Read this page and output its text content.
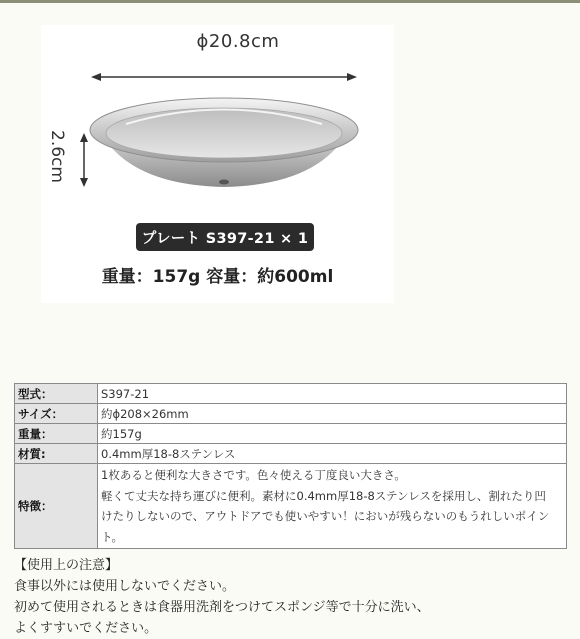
ϕ20.8cm
2.6cm
プレート S397-21 × 1
重量：157g 容量：約600ml
型式：	S397-21
サイズ：	約ϕ208×26mm
重量：	約157g
材質:	0.4mm厚18-8ステンレス
特徴：	1枚あると便利な大きさです。色々使える丁度良い大きさ。
軽くて丈夫な持ち運びに便利。素材に0.4mm厚18-8ステンレスを採用し、割れたり凹
けたりしないので、アウトドアでも使いやすい！においが残らないのもうれしいポイン
ト。
【使用上の注意】
食事以外には使用しないでください。
初めて使用されるときは食器用洗剤をつけてスポンジ等で十分に洗い、
よくすすいでください。
